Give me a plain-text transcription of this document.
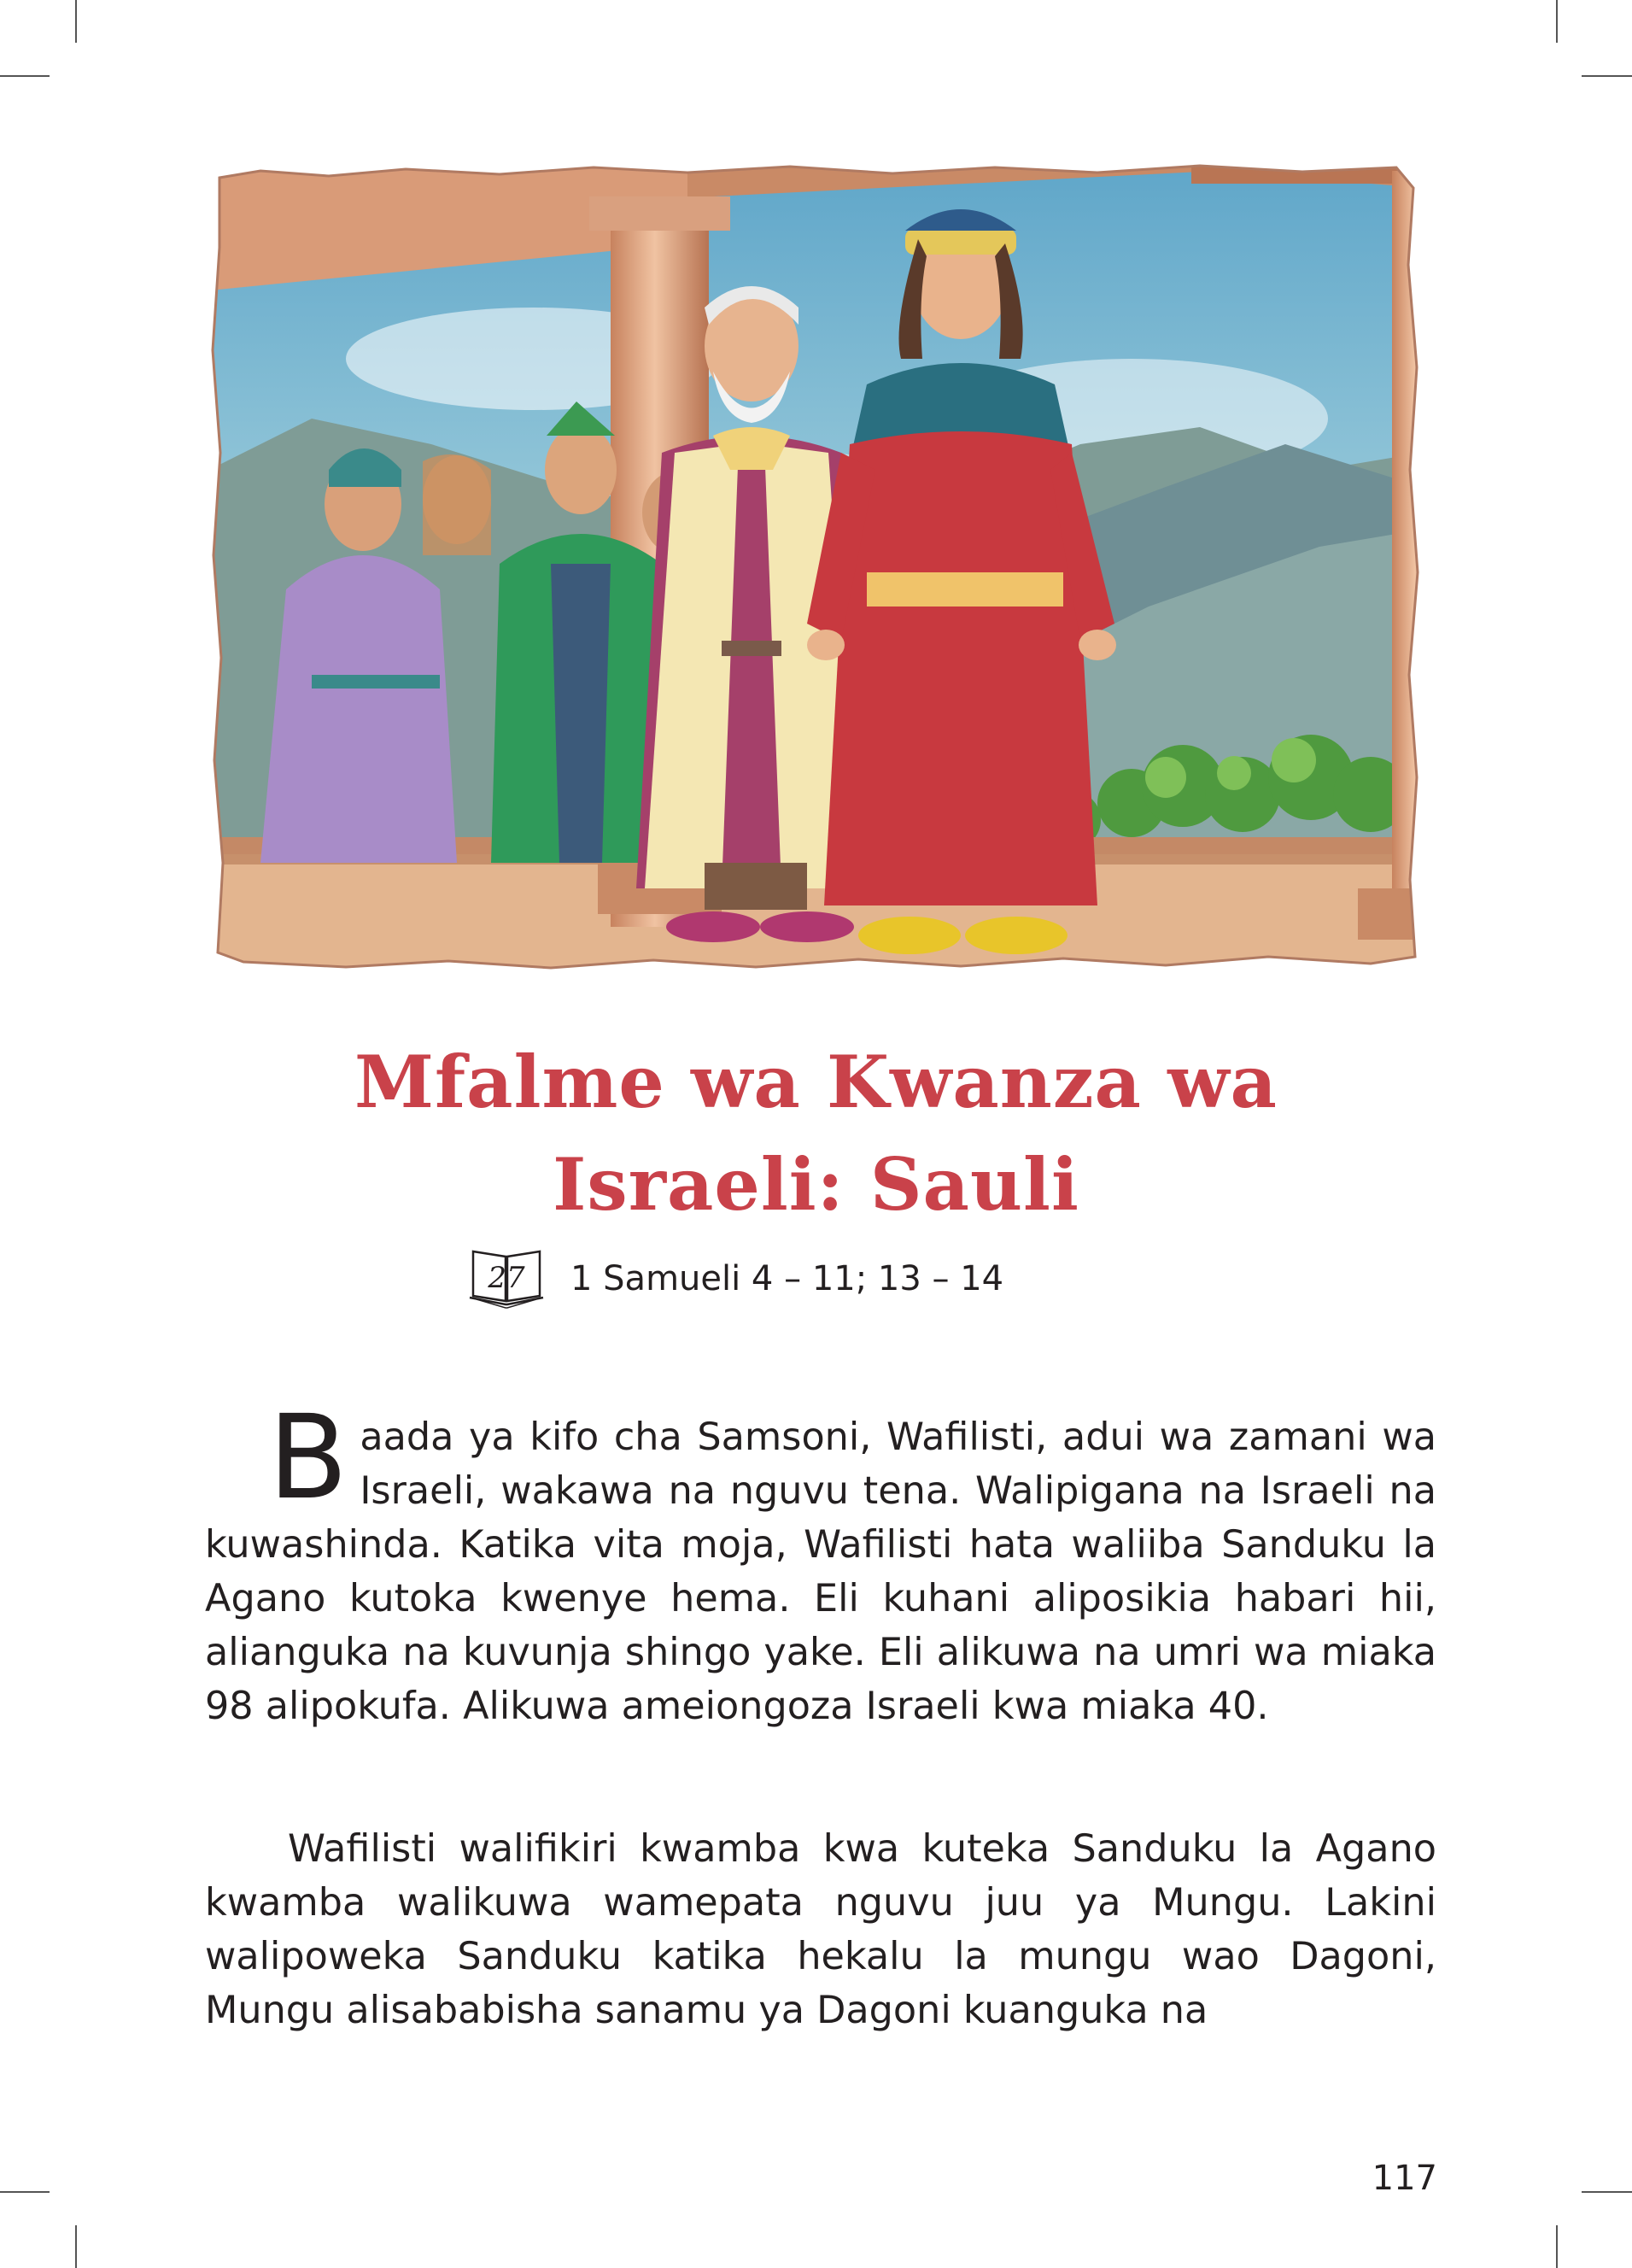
Mfalme wa Kwanza wa
Israeli: Sauli
27 1 Samueli 4 – 11; 13 – 14
Baada ya kifo cha Samsoni, Wafilisti, adui wa zamani wa Israeli, wakawa na nguvu tena. Walipigana na Israeli na kuwashinda. Katika vita moja, Wafilisti hata waliiba Sanduku la Agano kutoka kwenye hema. Eli kuhani aliposikia habari hii, alianguka na kuvunja shingo yake. Eli alikuwa na umri wa miaka 98 alipokufa. Alikuwa ameiongoza Israeli kwa miaka 40.
Wafilisti walifikiri kwamba kwa kuteka Sanduku la Agano kwamba walikuwa wamepata nguvu juu ya Mungu. Lakini walipoweka Sanduku katika hekalu la mungu wao Dagoni, Mungu alisababisha sanamu ya Dagoni kuanguka na
117
